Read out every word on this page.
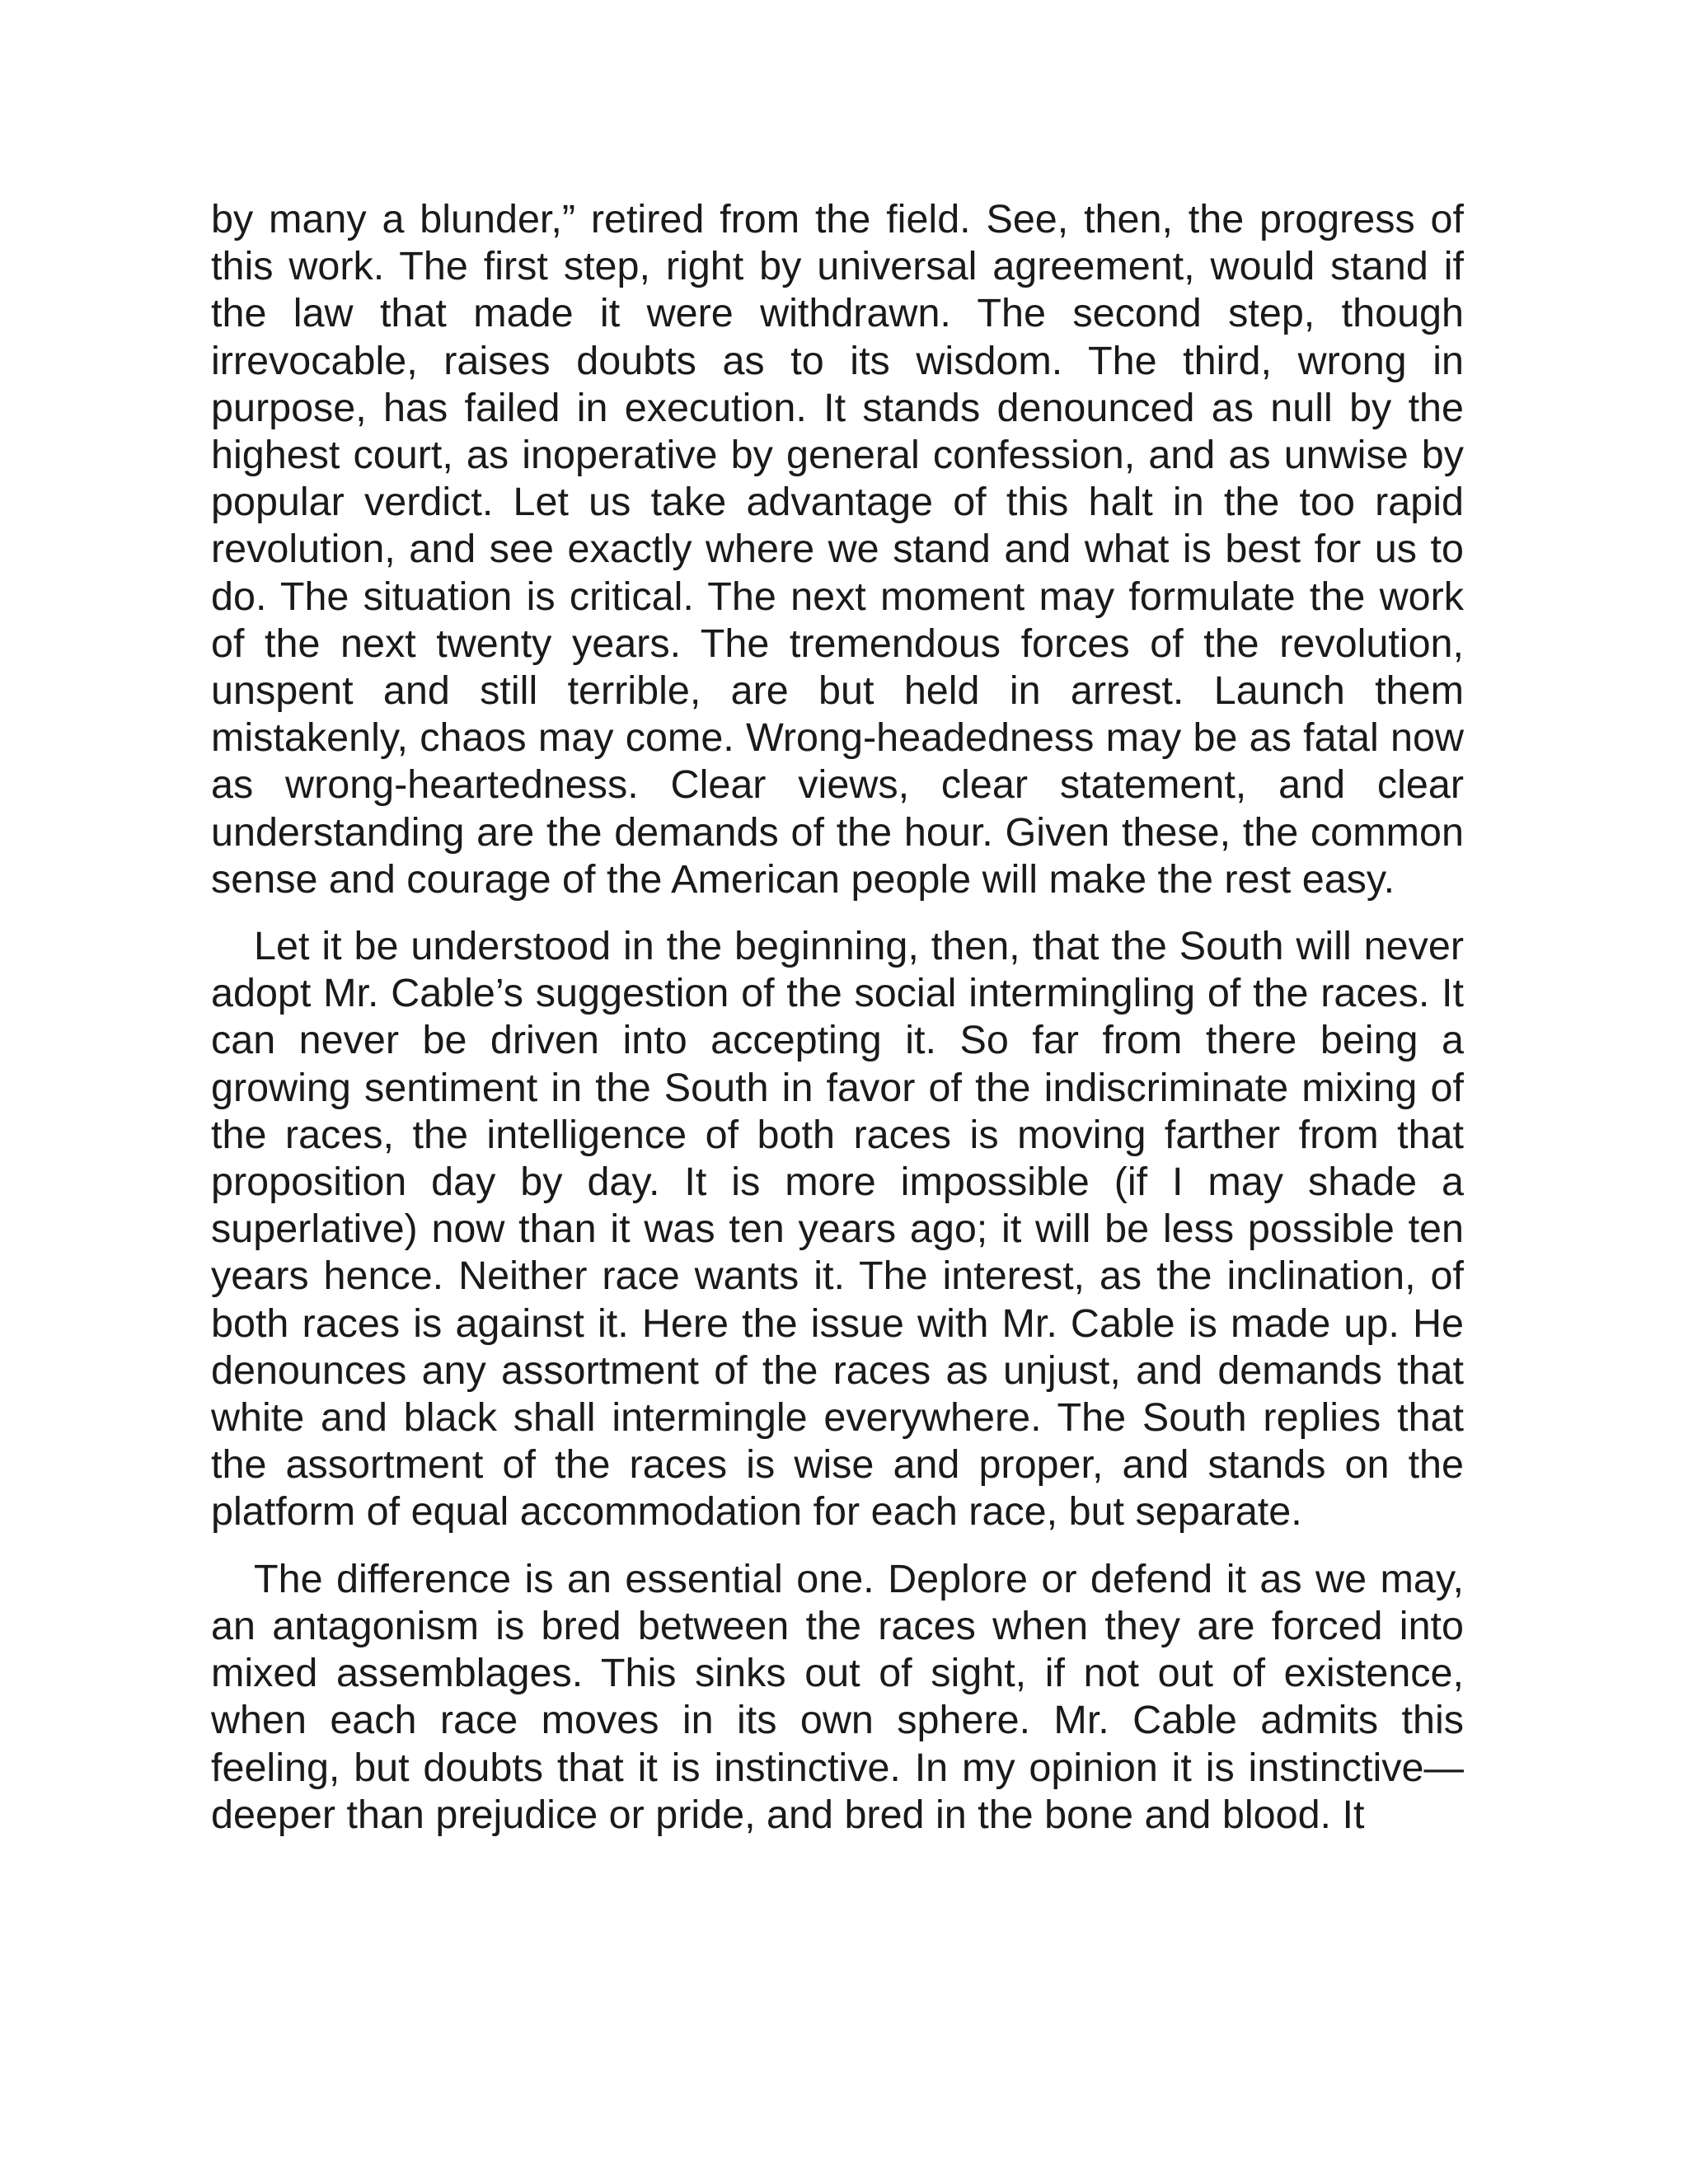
by many a blunder,” retired from the field. See, then, the progress of this work. The first step, right by universal agreement, would stand if the law that made it were withdrawn. The second step, though irrevocable, raises doubts as to its wisdom. The third, wrong in purpose, has failed in execution. It stands denounced as null by the highest court, as inoperative by general confession, and as unwise by popular verdict. Let us take advantage of this halt in the too rapid revolution, and see exactly where we stand and what is best for us to do. The situation is critical. The next moment may formulate the work of the next twenty years. The tremendous forces of the revolution, unspent and still terrible, are but held in arrest. Launch them mistakenly, chaos may come. Wrong-headedness may be as fatal now as wrong-heartedness. Clear views, clear statement, and clear understanding are the demands of the hour. Given these, the common sense and courage of the American people will make the rest easy.

Let it be understood in the beginning, then, that the South will never adopt Mr. Cable’s suggestion of the social intermingling of the races. It can never be driven into accepting it. So far from there being a growing sentiment in the South in favor of the indiscriminate mixing of the races, the intelligence of both races is moving farther from that proposition day by day. It is more impossible (if I may shade a superlative) now than it was ten years ago; it will be less possible ten years hence. Neither race wants it. The interest, as the inclination, of both races is against it. Here the issue with Mr. Cable is made up. He denounces any assortment of the races as unjust, and demands that white and black shall intermingle everywhere. The South replies that the assortment of the races is wise and proper, and stands on the platform of equal accommodation for each race, but separate.

The difference is an essential one. Deplore or defend it as we may, an antagonism is bred between the races when they are forced into mixed assemblages. This sinks out of sight, if not out of existence, when each race moves in its own sphere. Mr. Cable admits this feeling, but doubts that it is instinctive. In my opinion it is instinctive—deeper than prejudice or pride, and bred in the bone and blood. It
